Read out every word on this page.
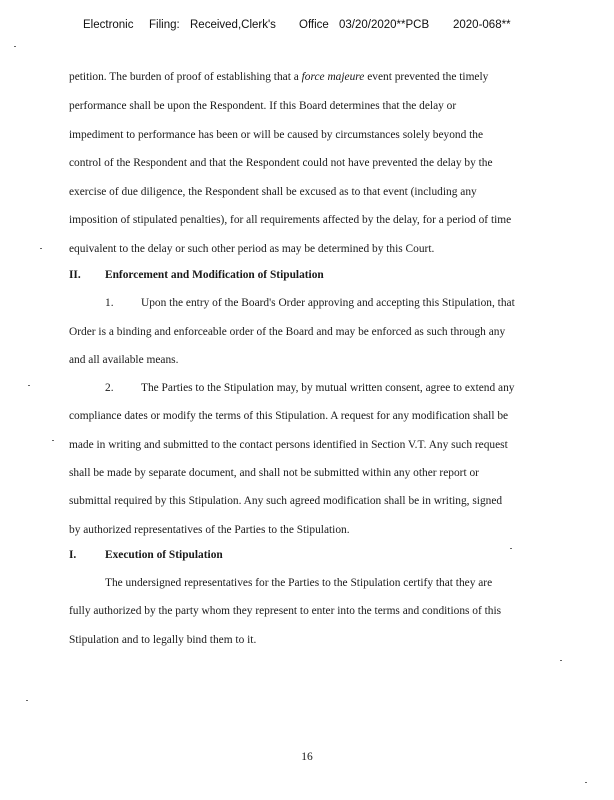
Electronic Filing: Received,Clerk's Office 03/20/2020**PCB 2020-068**
petition. The burden of proof of establishing that a force majeure event prevented the timely
performance shall be upon the Respondent. If this Board determines that the delay or
impediment to performance has been or will be caused by circumstances solely beyond the
control of the Respondent and that the Respondent could not have prevented the delay by the
exercise of due diligence, the Respondent shall be excused as to that event (including any
imposition of stipulated penalties), for all requirements affected by the delay, for a period of time
equivalent to the delay or such other period as may be determined by this Court.
II. Enforcement and Modification of Stipulation
1. Upon the entry of the Board's Order approving and accepting this Stipulation, that
Order is a binding and enforceable order of the Board and may be enforced as such through any
and all available means.
2. The Parties to the Stipulation may, by mutual written consent, agree to extend any
compliance dates or modify the terms of this Stipulation. A request for any modification shall be
made in writing and submitted to the contact persons identified in Section V.T. Any such request
shall be made by separate document, and shall not be submitted within any other report or
submittal required by this Stipulation. Any such agreed modification shall be in writing, signed
by authorized representatives of the Parties to the Stipulation.
I.	Execution of Stipulation
The undersigned representatives for the Parties to the Stipulation certify that they are
fully authorized by the party whom they represent to enter into the terms and conditions of this
Stipulation and to legally bind them to it.
16
